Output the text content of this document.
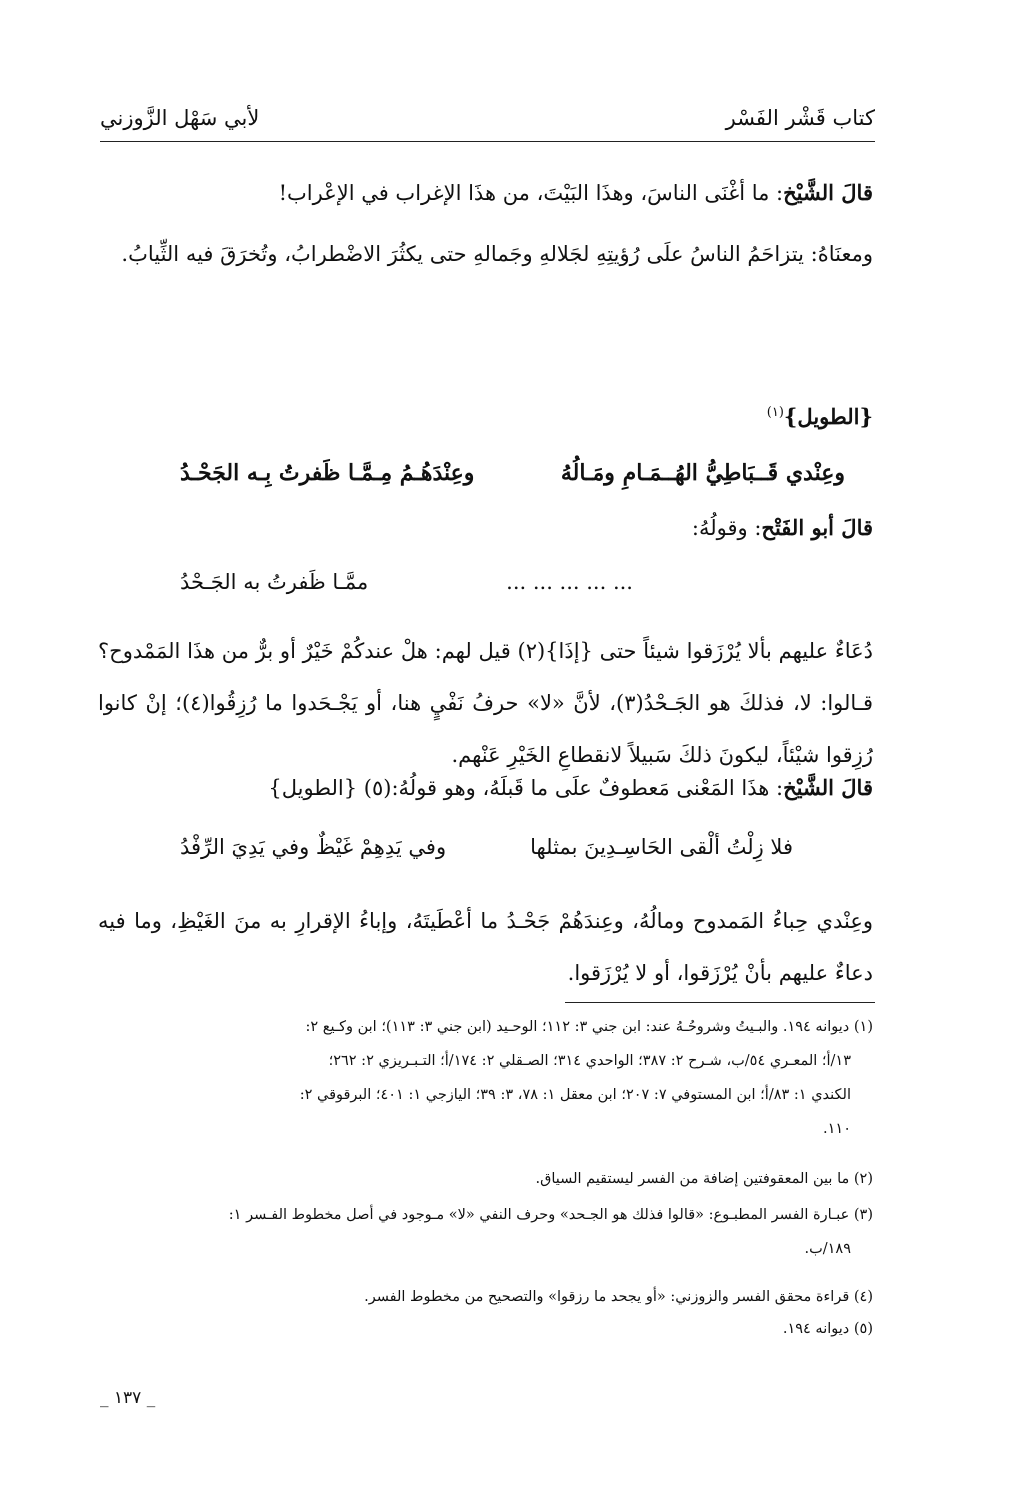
لأبي سَهْل الزَّوزني	كتاب قَشْر الفَسْر
قالَ الشَّيْخ: ما أغْنَى الناسَ، وهذَا البَيْتَ، من هذَا الإغراب في الإعْراب!
ومعنَاهُ: يتزاحَمُ الناسُ علَى رُؤيتِهِ لجَلالهِ وجَمالهِ حتى يكثُرَ الاضْطرابُ، وتُخرَقَ فيه الثِّيابُ.
{الطويل}$^{(١)}$
وعِنْدي قَــبَاطِيُّ الهُــمَـامِ ومَـالُهُ
وعِنْدَهُـمُ مِـمَّـا ظَفرتُ بِـه الجَحْـدُ
قالَ أبو الفَتْح: وقولُهُ:
... ... ... ... ...
ممَّـا ظَفرتُ به الجَـحْدُ
دُعَاءٌ عليهم بألا يُرْزَقوا شيئاً حتى {إذَا}(٢) قيل لهم: هلْ عندكُمْ خَيْرٌ أو برٌّ من هذَا المَمْدوح؟ قـالوا: لا، فذلكَ هو الجَـحْدُ(٣)، لأنَّ «لا» حرفُ نَفْيٍ هنا، أو يَجْـحَدوا ما رُزِقُوا(٤)؛ إنْ كانوا رُزِقوا شيْئاً، ليكونَ ذلكَ سَبيلاً لانقطاعِ الخَيْرِ عَنْهم.
قالَ الشَّيْخ: هذَا المَعْنى مَعطوفٌ علَى ما قَبلَهُ، وهو قولُهُ:(٥) {الطويل}
فلا زِلْتُ ألْقى الحَاسِـدِينَ بمثلها
وفي يَدِهِمْ غَيْظٌ وفي يَدِيَ الرِّفْدُ
وعِنْدي حِباءُ المَمدوح ومالُهُ، وعِندَهُمْ جَحْـدُ ما أعْطَيتَهُ، وإباءُ الإقرارِ به منَ الغَيْظِ، وما فيه دعاءٌ عليهم بأنْ يُرْزَقوا، أو لا يُرْزَقوا.
(١) ديوانه ١٩٤. والبـيتُ وشروحُـهُ عند: ابن جني ٣: ١١٢؛ الوحـيد (ابن جني ٣: ١١٣)؛ ابن وكـيع ٢:
١٣/أ؛ المعـري ٥٤/ب، شـرح ٢: ٣٨٧؛ الواحدي ٣١٤؛ الصـقلي ٢: ١٧٤/أ؛ التـبـريزي ٢: ٢٦٢؛
الكندي ١: ٨٣/أ؛ ابن المستوفي ٧: ٢٠٧؛ ابن معقل ١: ٧٨، ٣: ٣٩؛ اليازجي ١: ٤٠١؛ البرقوقي ٢:
١١٠.
(٢) ما بين المعقوفتين إضافة من الفسر ليستقيم السياق.
(٣) عبـارة الفسر المطبـوع: «قالوا فذلك هو الجـحد» وحرف النفي «لا» مـوجود في أصل مخطوط الفـسر ١:
١٨٩/ب.
(٤) قراءة محقق الفسر والزوزني: «أو يجحد ما رزقوا» والتصحيح من مخطوط الفسر.
(٥) ديوانه ١٩٤.
_ ١٣٧ _
